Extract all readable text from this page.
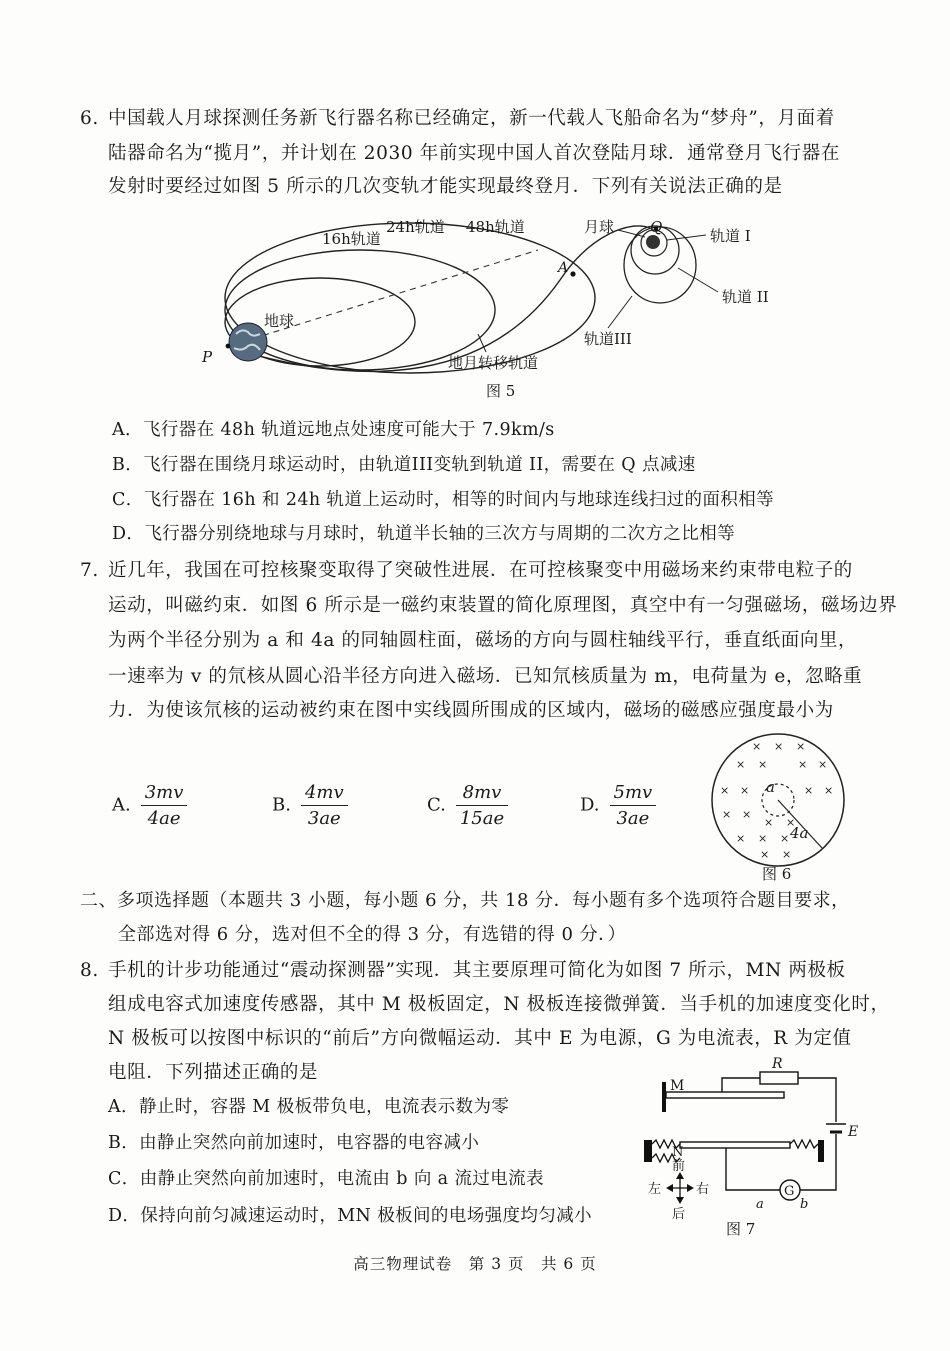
6. 中国载人月球探测任务新飞行器名称已经确定，新一代载人飞船命名为“梦舟”，月面着
陆器命名为“揽月”，并计划在 2030 年前实现中国人首次登陆月球．通常登月飞行器在
发射时要经过如图 5 所示的几次变轨才能实现最终登月．下列有关说法正确的是
16h轨道
24h轨道 48h轨道	月球 Q	轨道 I
轨道 II
轨道III
A
地球
P	地月转移轨道
图 5
A．飞行器在 48h 轨道远地点处速度可能大于 7.9km/s
B．飞行器在围绕月球运动时，由轨道III变轨到轨道 II，需要在 Q 点减速
C．飞行器在 16h 和 24h 轨道上运动时，相等的时间内与地球连线扫过的面积相等
D．飞行器分别绕地球与月球时，轨道半长轴的三次方与周期的二次方之比相等
7. 近几年，我国在可控核聚变取得了突破性进展．在可控核聚变中用磁场来约束带电粒子的
运动，叫磁约束．如图 6 所示是一磁约束装置的简化原理图，真空中有一匀强磁场，磁场边界
为两个半径分别为 a 和 4a 的同轴圆柱面，磁场的方向与圆柱轴线平行，垂直纸面向里，
一速率为 v 的氘核从圆心沿半径方向进入磁场．已知氘核质量为 m，电荷量为 e，忽略重
力．为使该氘核的运动被约束在图中实线圆所围成的区域内，磁场的磁感应强度最小为
A. $\frac{3mv}{4ae}$	B. $\frac{4mv}{3ae}$	C. $\frac{8mv}{15ae}$	D. $\frac{5mv}{3ae}$
× × ×
× ×	× ×
× ×	× ×
× ×
× ×
× × ×
× ×
a
4a
图 6
二、多项选择题（本题共 3 小题，每小题 6 分，共 18 分．每小题有多个选项符合题目要求，
全部选对得 6 分，选对但不全的得 3 分，有选错的得 0 分．）
8. 手机的计步功能通过“震动探测器”实现．其主要原理可简化为如图 7 所示，MN 两极板
组成电容式加速度传感器，其中 M 极板固定，N 极板连接微弹簧．当手机的加速度变化时，
N 极板可以按图中标识的“前后”方向微幅运动．其中 E 为电源，G 为电流表，R 为定值
电阻．下列描述正确的是
A．静止时，容器 M 极板带负电，电流表示数为零
B．由静止突然向前加速时，电容器的电容减小
C．由静止突然向前加速时，电流由 b 向 a 流过电流表
D．保持向前匀减速运动时，MN 极板间的电场强度均匀减小
G
M
R
E
N
a	b
前
后
左	右
图 7
高三物理试卷　第 3 页　共 6 页
